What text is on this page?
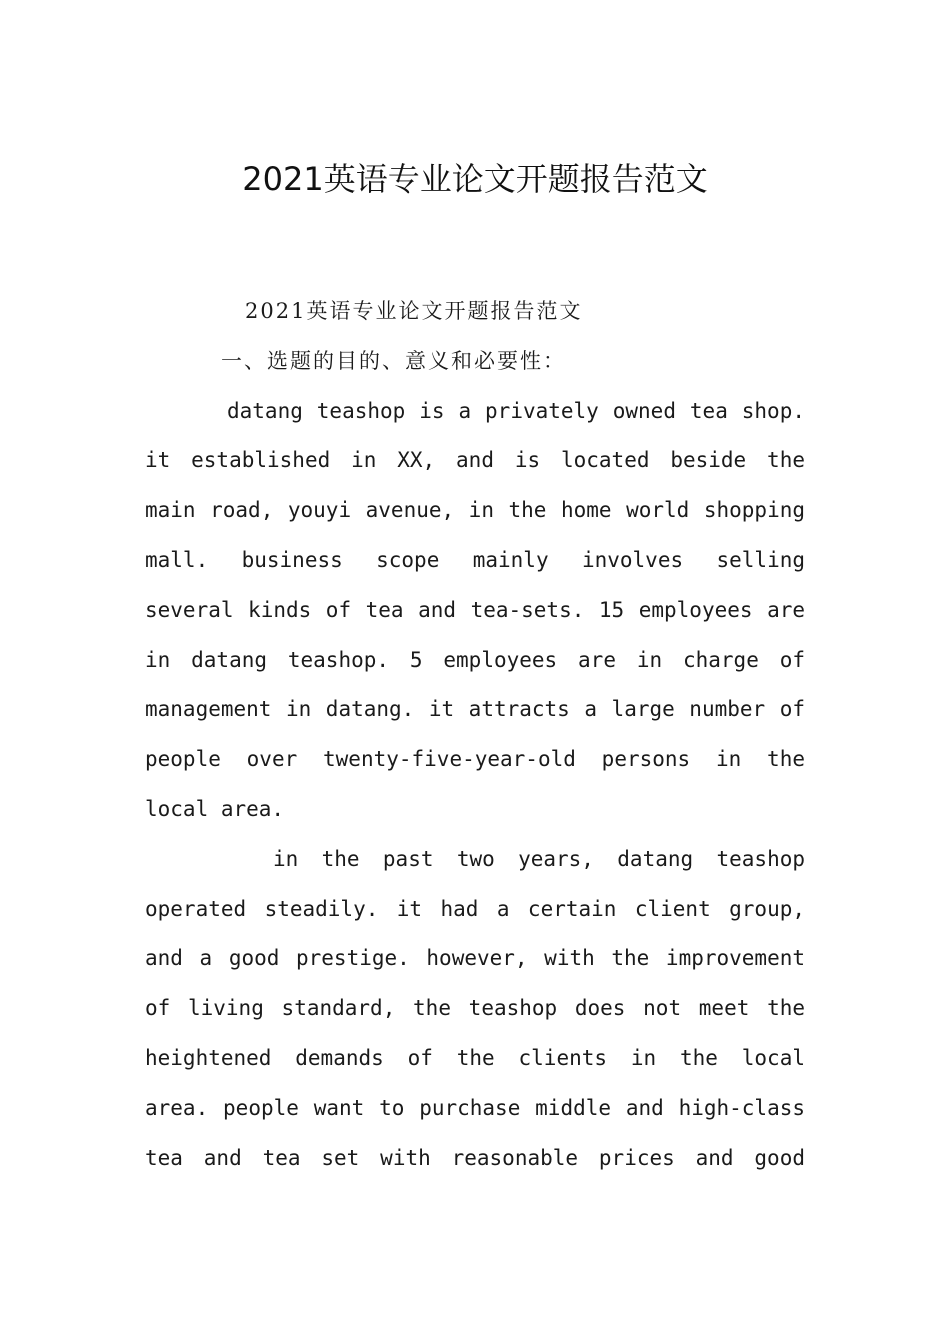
2021英语专业论文开题报告范文
2021英语专业论文开题报告范文
一、选题的目的、意义和必要性：
datang teashop is a privately owned tea shop.
it established in XX, and is located beside the
main road, youyi avenue, in the home world shopping
mall. business scope mainly involves selling
several kinds of tea and tea-sets. 15 employees are
in datang teashop. 5 employees are in charge of
management in datang. it attracts a large number of
people over twenty-five-year-old persons in the
local area.
in the past two years, datang teashop
operated steadily. it had a certain client group,
and a good prestige. however, with the improvement
of living standard, the teashop does not meet the
heightened demands of the clients in the local
area. people want to purchase middle and high-class
tea and tea set with reasonable prices and good
